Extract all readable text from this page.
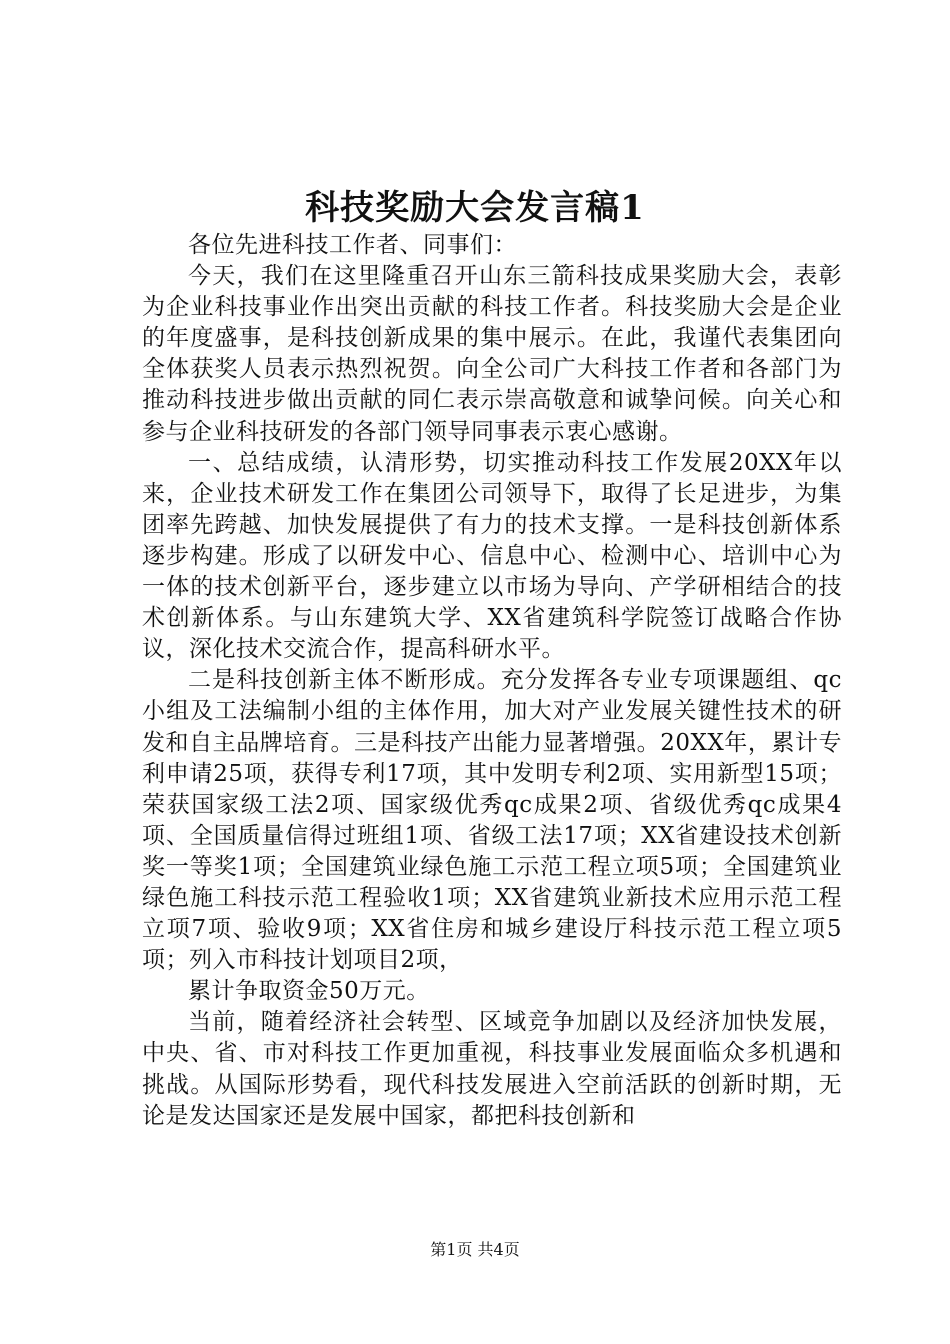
科技奖励大会发言稿1

各位先进科技工作者、同事们：

今天，我们在这里隆重召开山东三箭科技成果奖励大会，表彰为企业科技事业作出突出贡献的科技工作者。科技奖励大会是企业的年度盛事，是科技创新成果的集中展示。在此，我谨代表集团向全体获奖人员表示热烈祝贺。向全公司广大科技工作者和各部门为推动科技进步做出贡献的同仁表示崇高敬意和诚挚问候。向关心和参与企业科技研发的各部门领导同事表示衷心感谢。

一、总结成绩，认清形势，切实推动科技工作发展20XX年以来，企业技术研发工作在集团公司领导下，取得了长足进步，为集团率先跨越、加快发展提供了有力的技术支撑。一是科技创新体系逐步构建。形成了以研发中心、信息中心、检测中心、培训中心为一体的技术创新平台，逐步建立以市场为导向、产学研相结合的技术创新体系。与山东建筑大学、XX省建筑科学院签订战略合作协议，深化技术交流合作，提高科研水平。

二是科技创新主体不断形成。充分发挥各专业专项课题组、qc小组及工法编制小组的主体作用，加大对产业发展关键性技术的研发和自主品牌培育。三是科技产出能力显著增强。20XX年，累计专利申请25项，获得专利17项，其中发明专利2项、实用新型15项；荣获国家级工法2项、国家级优秀qc成果2项、省级优秀qc成果4项、全国质量信得过班组1项、省级工法17项；XX省建设技术创新奖一等奖1项；全国建筑业绿色施工示范工程立项5项；全国建筑业绿色施工科技示范工程验收1项；XX省建筑业新技术应用示范工程立项7项、验收9项；XX省住房和城乡建设厅科技示范工程立项5项；列入市科技计划项目2项，

累计争取资金50万元。

当前，随着经济社会转型、区域竞争加剧以及经济加快发展，中央、省、市对科技工作更加重视，科技事业发展面临众多机遇和挑战。从国际形势看，现代科技发展进入空前活跃的创新时期，无论是发达国家还是发展中国家，都把科技创新和

第1页 共4页
